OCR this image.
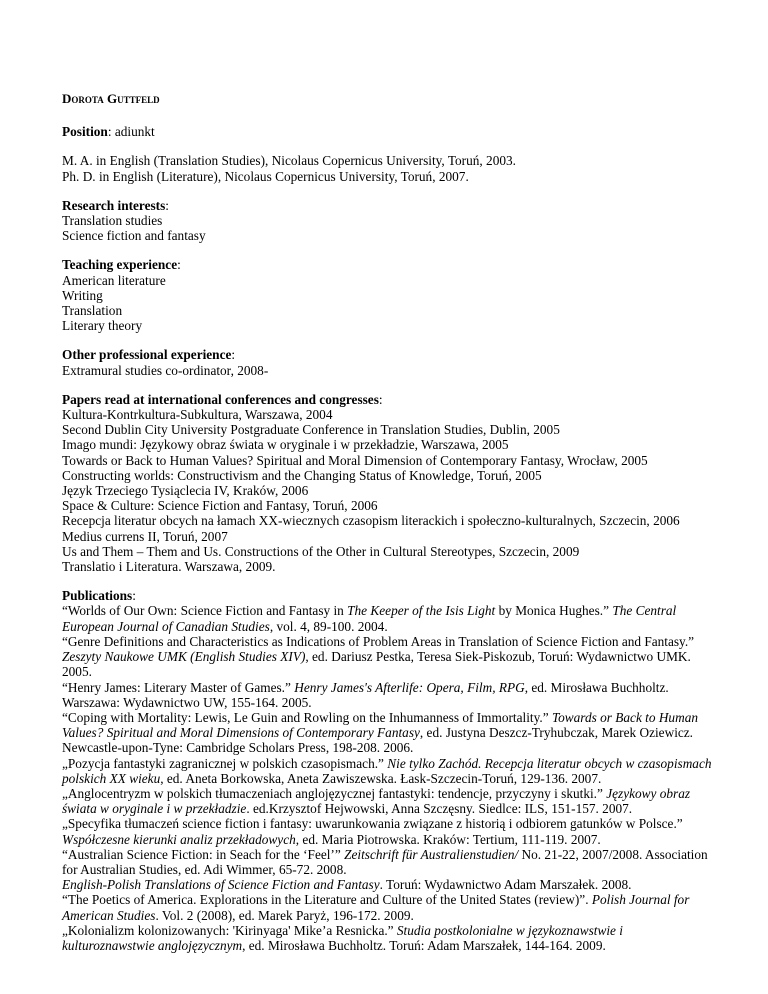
Dorota Guttfeld
Position: adiunkt
M. A. in English (Translation Studies), Nicolaus Copernicus University, Toruń, 2003.
Ph. D. in English (Literature), Nicolaus Copernicus University, Toruń, 2007.
Research interests:
Translation studies
Science fiction and fantasy
Teaching experience:
American literature
Writing
Translation
Literary theory
Other professional experience:
Extramural studies co-ordinator, 2008-
Papers read at international conferences and congresses:
Kultura-Kontrkultura-Subkultura, Warszawa, 2004
Second Dublin City University Postgraduate Conference in Translation Studies, Dublin, 2005
Imago mundi: Językowy obraz świata w oryginale i w przekładzie, Warszawa, 2005
Towards or Back to Human Values? Spiritual and Moral Dimension of Contemporary Fantasy, Wrocław, 2005
Constructing worlds: Constructivism and the Changing Status of Knowledge, Toruń, 2005
Język Trzeciego Tysiąclecia IV, Kraków, 2006
Space & Culture: Science Fiction and Fantasy, Toruń, 2006
Recepcja literatur obcych na łamach XX-wiecznych czasopism literackich i społeczno-kulturalnych, Szczecin, 2006
Medius currens II, Toruń, 2007
Us and Them – Them and Us. Constructions of the Other in Cultural Stereotypes, Szczecin, 2009
Translatio i Literatura. Warszawa, 2009.
Publications:
“Worlds of Our Own: Science Fiction and Fantasy in The Keeper of the Isis Light by Monica Hughes.” The Central European Journal of Canadian Studies, vol. 4, 89-100. 2004.
“Genre Definitions and Characteristics as Indications of Problem Areas in Translation of Science Fiction and Fantasy.” Zeszyty Naukowe UMK (English Studies XIV), ed. Dariusz Pestka, Teresa Siek-Piskozub, Toruń: Wydawnictwo UMK. 2005.
“Henry James: Literary Master of Games.” Henry James's Afterlife: Opera, Film, RPG, ed. Mirosława Buchholtz. Warszawa: Wydawnictwo UW, 155-164. 2005.
“Coping with Mortality: Lewis, Le Guin and Rowling on the Inhumanness of Immortality.” Towards or Back to Human Values? Spiritual and Moral Dimensions of Contemporary Fantasy, ed. Justyna Deszcz-Tryhubczak, Marek Oziewicz. Newcastle-upon-Tyne: Cambridge Scholars Press, 198-208. 2006.
„Pozycja fantastyki zagranicznej w polskich czasopismach.” Nie tylko Zachód. Recepcja literatur obcych w czasopismach polskich XX wieku, ed. Aneta Borkowska, Aneta Zawiszewska. Łask-Szczecin-Toruń, 129-136. 2007.
„Anglocentryzm w polskich tłumaczeniach anglojęzycznej fantastyki: tendencje, przyczyny i skutki.” Językowy obraz świata w oryginale i w przekładzie. ed.Krzysztof Hejwowski, Anna Szczęsny. Siedlce: ILS, 151-157. 2007.
„Specyfika tłumaczeń science fiction i fantasy: uwarunkowania związane z historią i odbiorem gatunków w Polsce.” Współczesne kierunki analiz przekładowych, ed. Maria Piotrowska. Kraków: Tertium, 111-119. 2007.
“Australian Science Fiction: in Seach for the ‘Feel’” Zeitschrift für Australienstudien/ No. 21-22, 2007/2008. Association for Australian Studies, ed. Adi Wimmer, 65-72. 2008.
English-Polish Translations of Science Fiction and Fantasy. Toruń: Wydawnictwo Adam Marszałek. 2008.
“The Poetics of America. Explorations in the Literature and Culture of the United States (review)”. Polish Journal for American Studies. Vol. 2 (2008), ed. Marek Paryż, 196-172. 2009.
„Kolonializm kolonizowanych: 'Kirinyaga' Mike’a Resnicka.” Studia postkolonialne w językoznawstwie i kulturoznawstwie anglojęzycznym, ed. Mirosława Buchholtz. Toruń: Adam Marszałek, 144-164. 2009.
